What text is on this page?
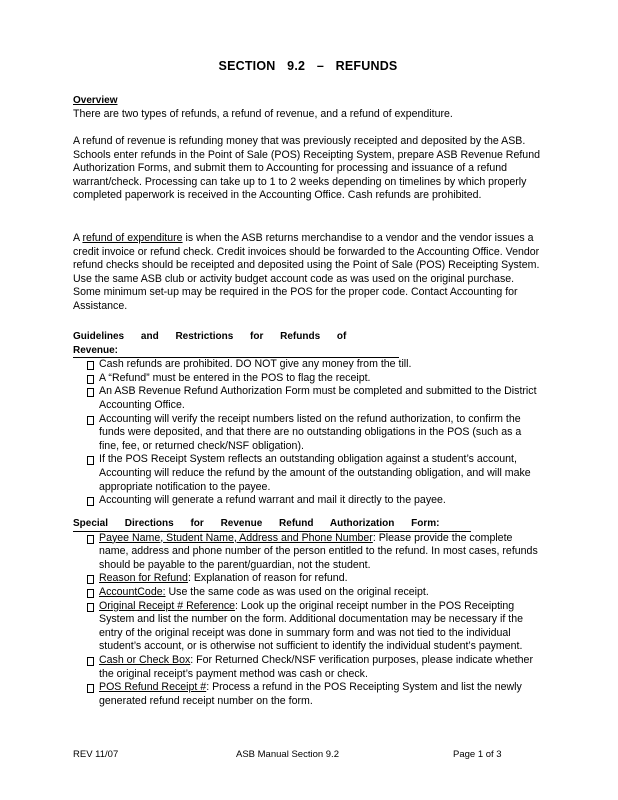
SECTION 9.2 – REFUNDS
Overview

There are two types of refunds, a refund of revenue, and a refund of expenditure.

A refund of revenue is refunding money that was previously receipted and deposited by the ASB. Schools enter refunds in the Point of Sale (POS) Receipting System, prepare ASB Revenue Refund Authorization Forms, and submit them to Accounting for processing and issuance of a refund warrant/check. Processing can take up to 1 to 2 weeks depending on timelines by which properly completed paperwork is received in the Accounting Office. Cash refunds are prohibited.

A refund of expenditure is when the ASB returns merchandise to a vendor and the vendor issues a credit invoice or refund check. Credit invoices should be forwarded to the Accounting Office. Vendor refund checks should be receipted and deposited using the Point of Sale (POS) Receipting System. Use the same ASB club or activity budget account code as was used on the original purchase. Some minimum set-up may be required in the POS for the proper code. Contact Accounting for Assistance.

Guidelines and Restrictions for Refunds of Revenue:
Cash refunds are prohibited. DO NOT give any money from the till.
A “Refund” must be entered in the POS to flag the receipt.
An ASB Revenue Refund Authorization Form must be completed and submitted to the District Accounting Office.
Accounting will verify the receipt numbers listed on the refund authorization, to confirm the funds were deposited, and that there are no outstanding obligations in the POS (such as a fine, fee, or returned check/NSF obligation).
If the POS Receipt System reflects an outstanding obligation against a student’s account, Accounting will reduce the refund by the amount of the outstanding obligation, and will make appropriate notification to the payee.
Accounting will generate a refund warrant and mail it directly to the payee.
Special Directions for Revenue Refund Authorization Form:
Payee Name, Student Name, Address and Phone Number: Please provide the complete name, address and phone number of the person entitled to the refund. In most cases, refunds should be payable to the parent/guardian, not the student.
Reason for Refund: Explanation of reason for refund.
AccountCode: Use the same code as was used on the original receipt.
Original Receipt # Reference: Look up the original receipt number in the POS Receipting System and list the number on the form. Additional documentation may be necessary if the entry of the original receipt was done in summary form and was not tied to the individual student’s account, or is otherwise not sufficient to identify the individual student’s payment.
Cash or Check Box: For Returned Check/NSF verification purposes, please indicate whether the original receipt’s payment method was cash or check.
POS Refund Receipt #: Process a refund in the POS Receipting System and list the newly generated refund receipt number on the form.
REV 11/07	ASB Manual Section 9.2	Page 1 of 3
